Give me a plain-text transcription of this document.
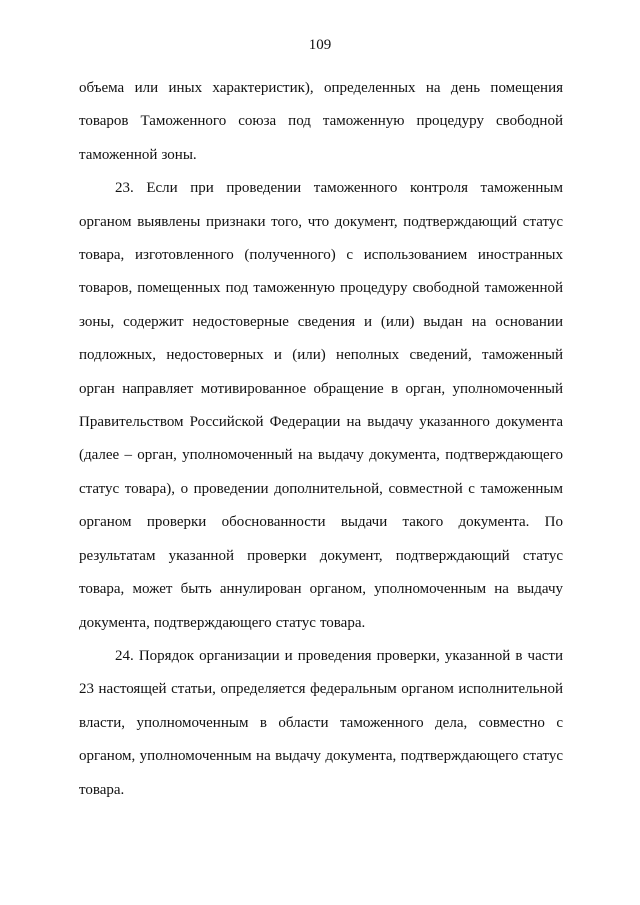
109

объема или иных характеристик), определенных на день помещения товаров Таможенного союза под таможенную процедуру свободной таможенной зоны.

23. Если при проведении таможенного контроля таможенным органом выявлены признаки того, что документ, подтверждающий статус товара, изготовленного (полученного) с использованием иностранных товаров, помещенных под таможенную процедуру свободной таможенной зоны, содержит недостоверные сведения и (или) выдан на основании подложных, недостоверных и (или) неполных сведений, таможенный орган направляет мотивированное обращение в орган, уполномоченный Правительством Российской Федерации на выдачу указанного документа (далее – орган, уполномоченный на выдачу документа, подтверждающего статус товара), о проведении дополнительной, совместной с таможенным органом проверки обоснованности выдачи такого документа. По результатам указанной проверки документ, подтверждающий статус товара, может быть аннулирован органом, уполномоченным на выдачу документа, подтверждающего статус товара.

24. Порядок организации и проведения проверки, указанной в части 23 настоящей статьи, определяется федеральным органом исполнительной власти, уполномоченным в области таможенного дела, совместно с органом, уполномоченным на выдачу документа, подтверждающего статус товара.
